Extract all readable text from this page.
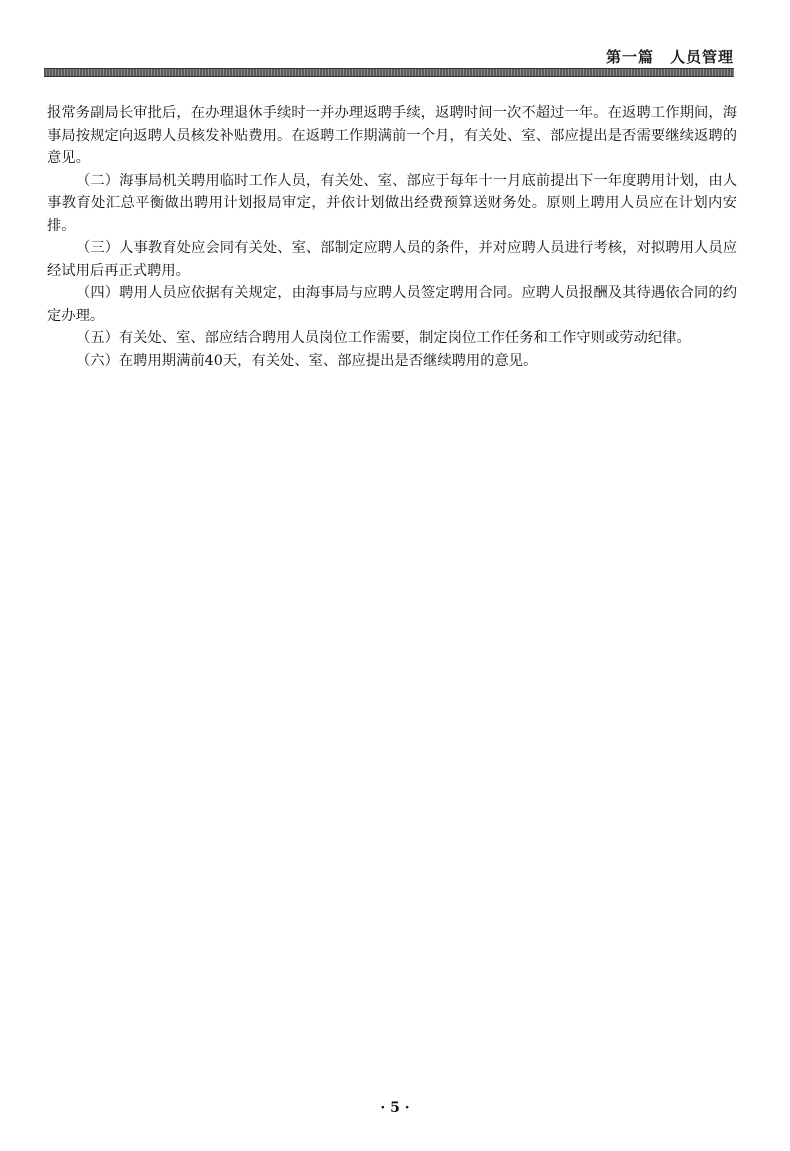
第一篇　人员管理

报常务副局长审批后，在办理退休手续时一并办理返聘手续，返聘时间一次不超过一年。在返聘工作期间，海事局按规定向返聘人员核发补贴费用。在返聘工作期满前一个月，有关处、室、部应提出是否需要继续返聘的意见。

（二）海事局机关聘用临时工作人员，有关处、室、部应于每年十一月底前提出下一年度聘用计划，由人事教育处汇总平衡做出聘用计划报局审定，并依计划做出经费预算送财务处。原则上聘用人员应在计划内安排。

（三）人事教育处应会同有关处、室、部制定应聘人员的条件，并对应聘人员进行考核，对拟聘用人员应经试用后再正式聘用。

（四）聘用人员应依据有关规定，由海事局与应聘人员签定聘用合同。应聘人员报酬及其待遇依合同的约定办理。

（五）有关处、室、部应结合聘用人员岗位工作需要，制定岗位工作任务和工作守则或劳动纪律。

（六）在聘用期满前40天，有关处、室、部应提出是否继续聘用的意见。

· 5 ·
